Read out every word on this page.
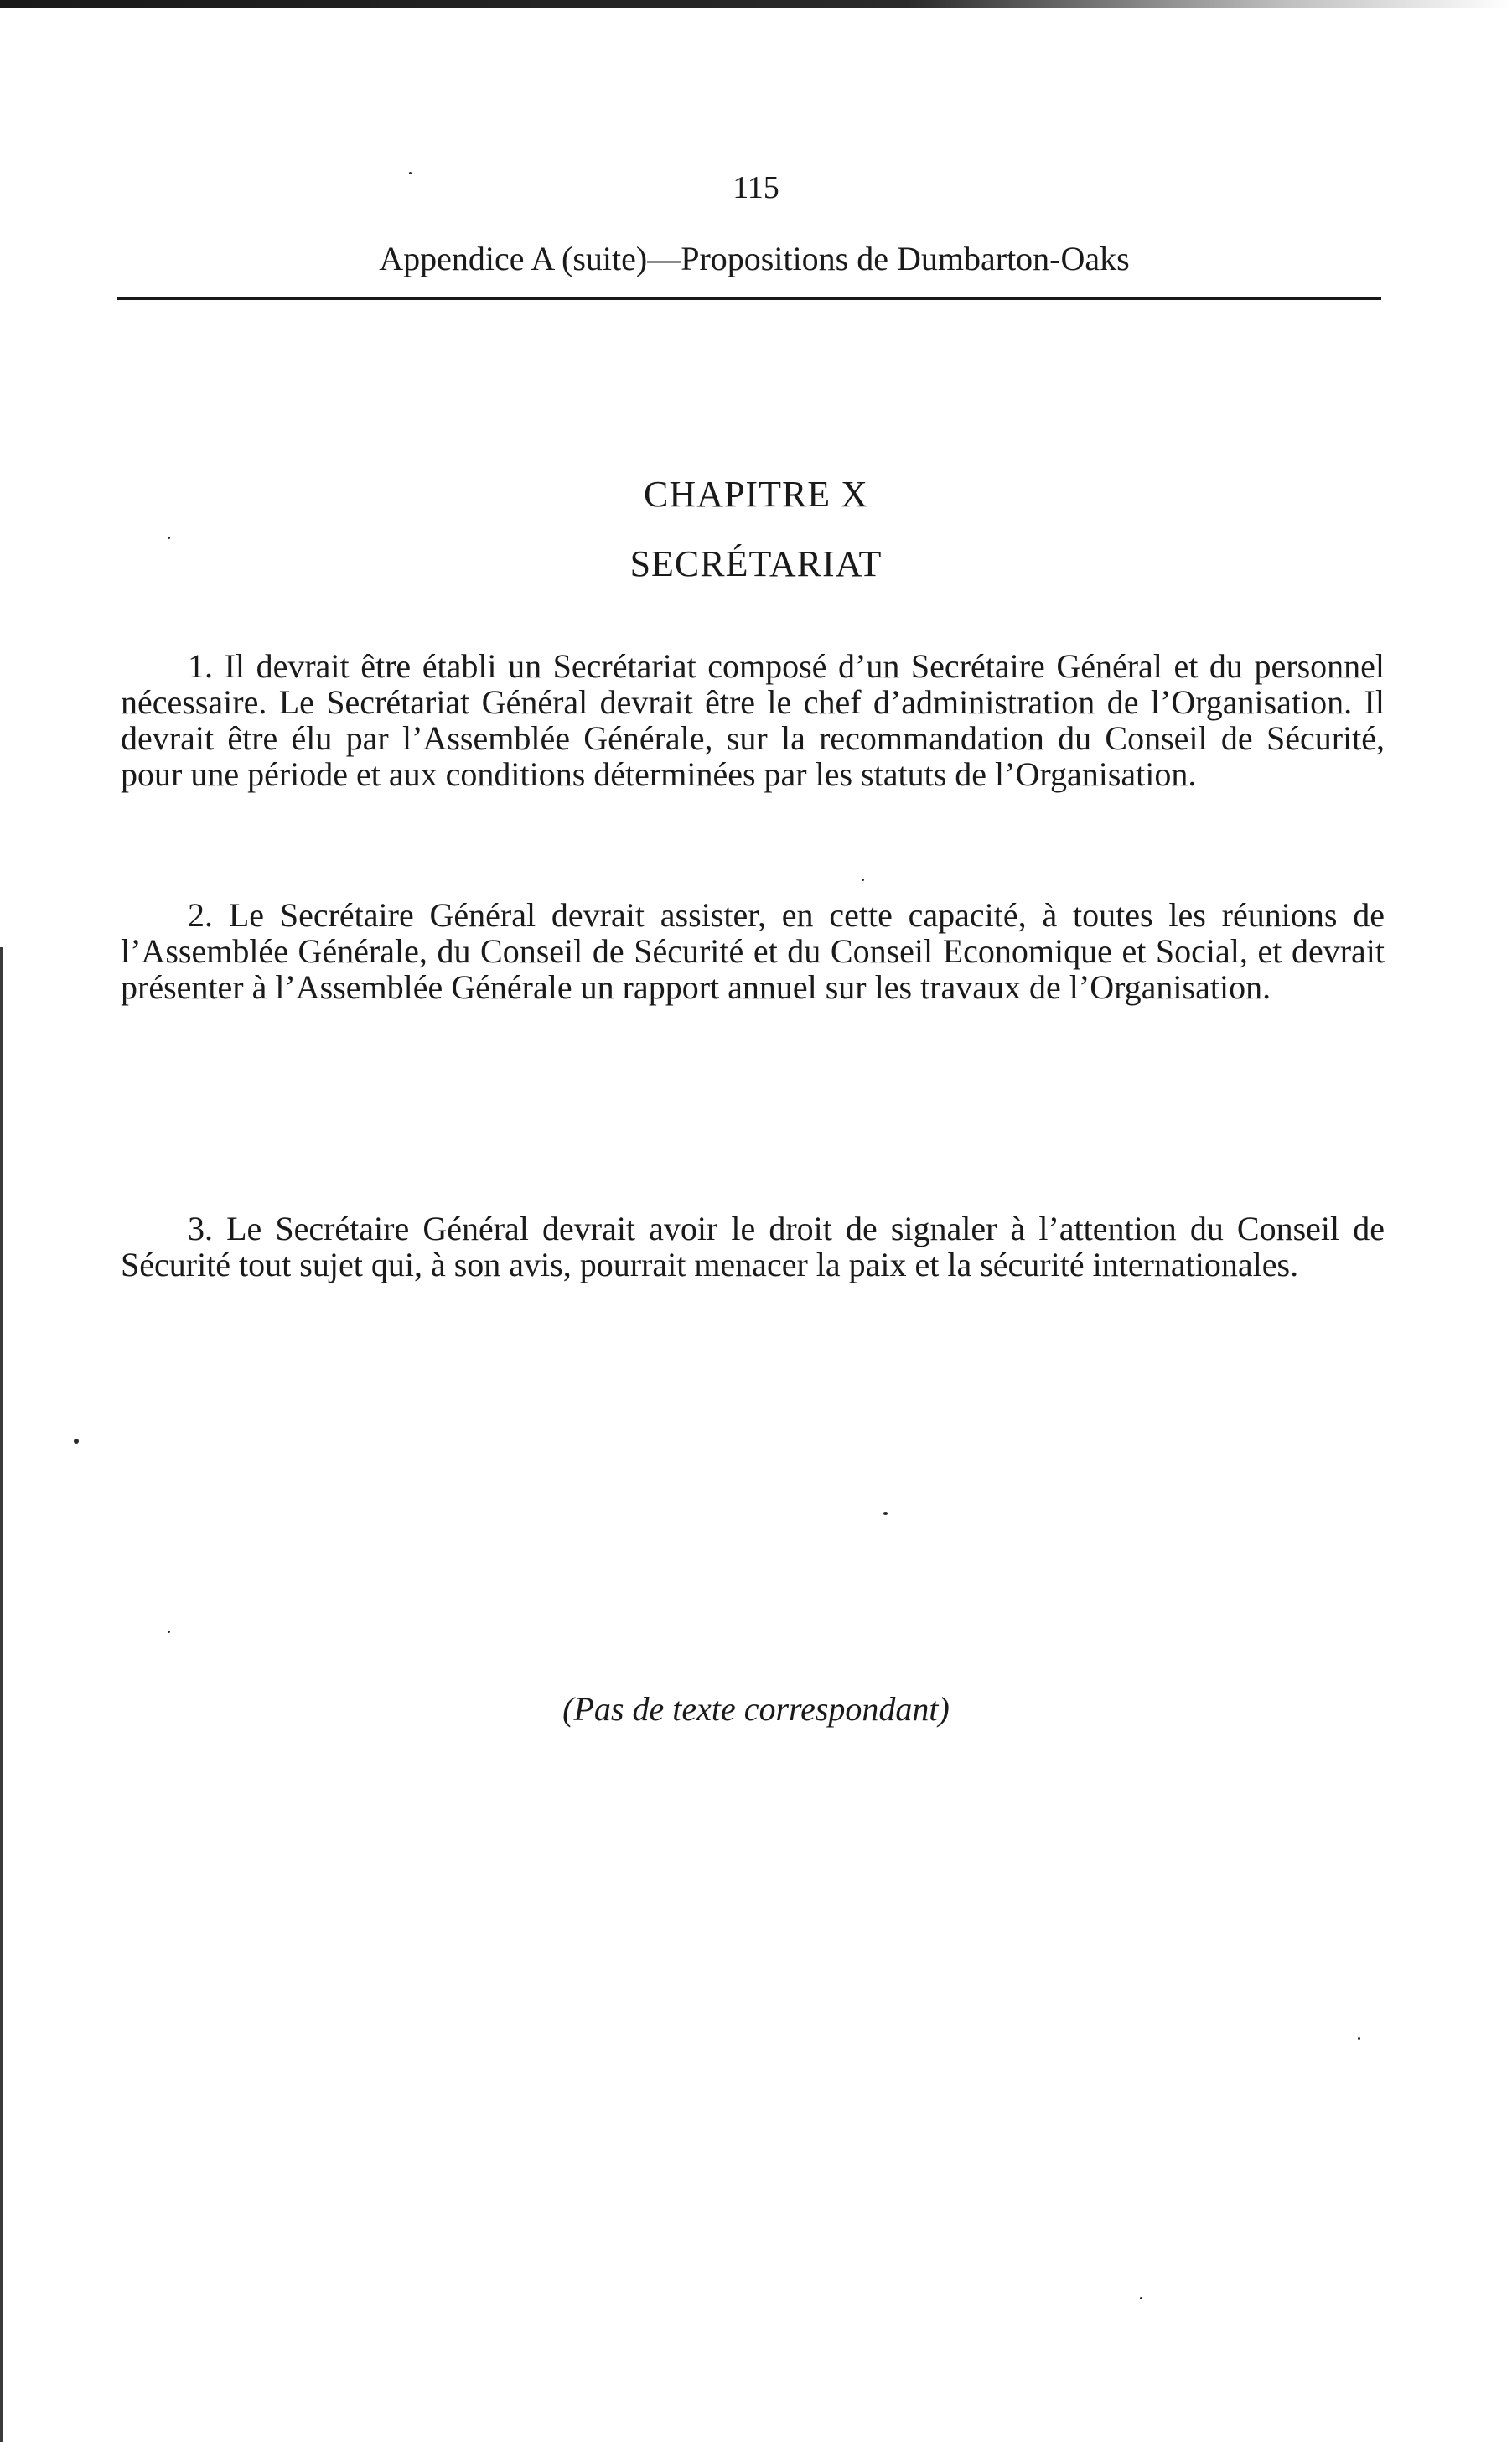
115
Appendice A (suite)—Propositions de Dumbarton-Oaks
CHAPITRE X
SECRÉTARIAT

1. Il devrait être établi un Secrétariat composé d’un Secrétaire Général et du personnel nécessaire. Le Secrétariat Général devrait être le chef d’administration de l’Organisation. Il devrait être élu par l’Assemblée Générale, sur la recommandation du Conseil de Sécurité, pour une période et aux conditions déterminées par les statuts de l’Organisation.

2. Le Secrétaire Général devrait assister, en cette capacité, à toutes les réunions de l’Assemblée Générale, du Conseil de Sécurité et du Conseil Economique et Social, et devrait présenter à l’Assemblée Générale un rapport annuel sur les travaux de l’Organisation.

3. Le Secrétaire Général devrait avoir le droit de signaler à l’attention du Conseil de Sécurité tout sujet qui, à son avis, pourrait menacer la paix et la sécurité internationales.

(Pas de texte correspondant)
